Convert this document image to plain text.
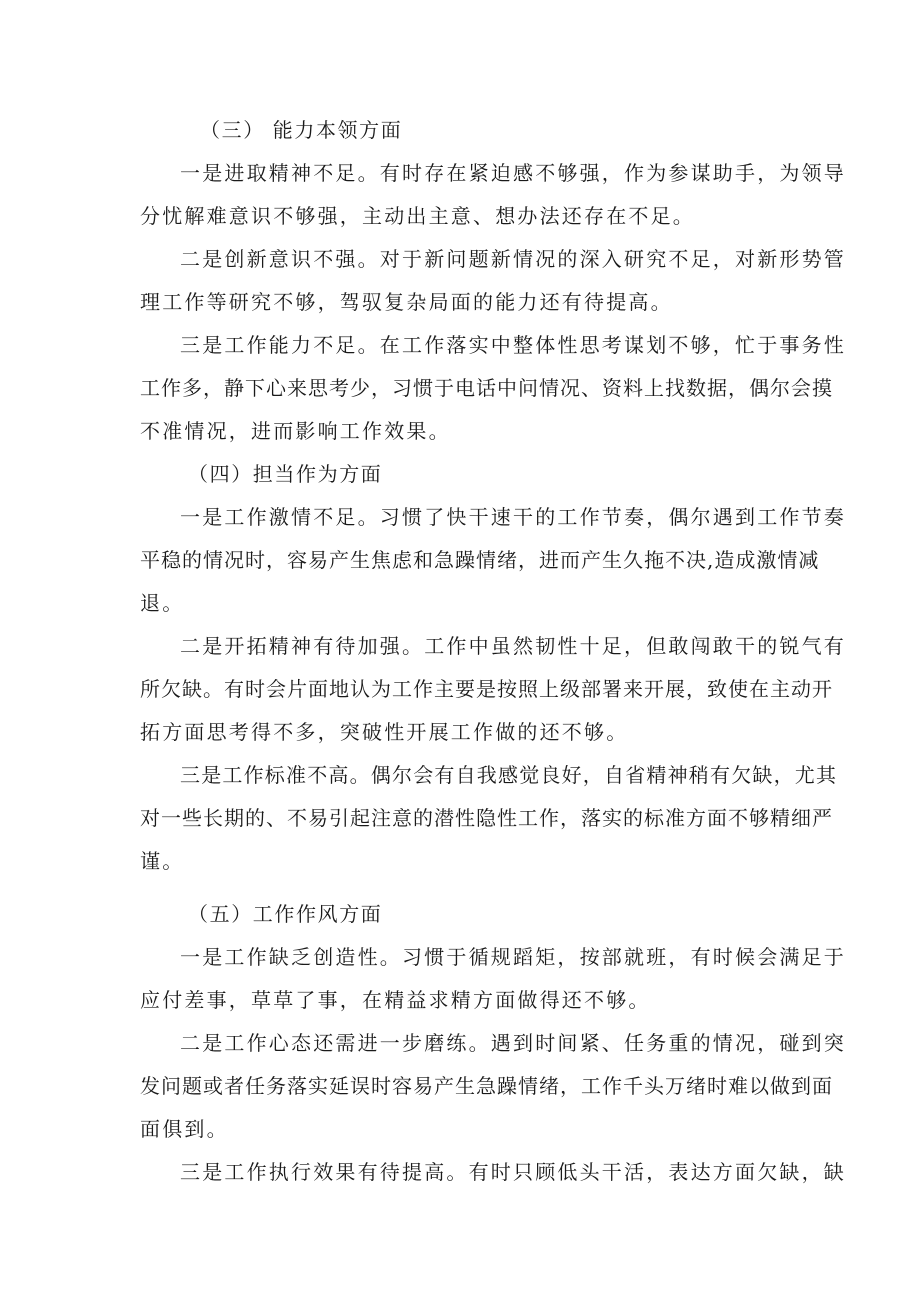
（三） 能力本领方面
一是进取精神不足。有时存在紧迫感不够强，作为参谋助手，为领导
分忧解难意识不够强，主动出主意、想办法还存在不足。
二是创新意识不强。对于新问题新情况的深入研究不足，对新形势管
理工作等研究不够，驾驭复杂局面的能力还有待提高。
三是工作能力不足。在工作落实中整体性思考谋划不够，忙于事务性
工作多，静下心来思考少，习惯于电话中问情况、资料上找数据，偶尔会摸
不准情况，进而影响工作效果。
（四）担当作为方面
一是工作激情不足。习惯了快干速干的工作节奏，偶尔遇到工作节奏
平稳的情况时，容易产生焦虑和急躁情绪，进而产生久拖不决,造成激情减
退。
二是开拓精神有待加强。工作中虽然韧性十足，但敢闯敢干的锐气有
所欠缺。有时会片面地认为工作主要是按照上级部署来开展，致使在主动开
拓方面思考得不多，突破性开展工作做的还不够。
三是工作标准不高。偶尔会有自我感觉良好，自省精神稍有欠缺，尤其
对一些长期的、不易引起注意的潜性隐性工作，落实的标准方面不够精细严
谨。
（五）工作作风方面
一是工作缺乏创造性。习惯于循规蹈矩，按部就班，有时候会满足于
应付差事，草草了事，在精益求精方面做得还不够。
二是工作心态还需进一步磨练。遇到时间紧、任务重的情况，碰到突
发问题或者任务落实延误时容易产生急躁情绪，工作千头万绪时难以做到面
面俱到。
三是工作执行效果有待提高。有时只顾低头干活，表达方面欠缺，缺
